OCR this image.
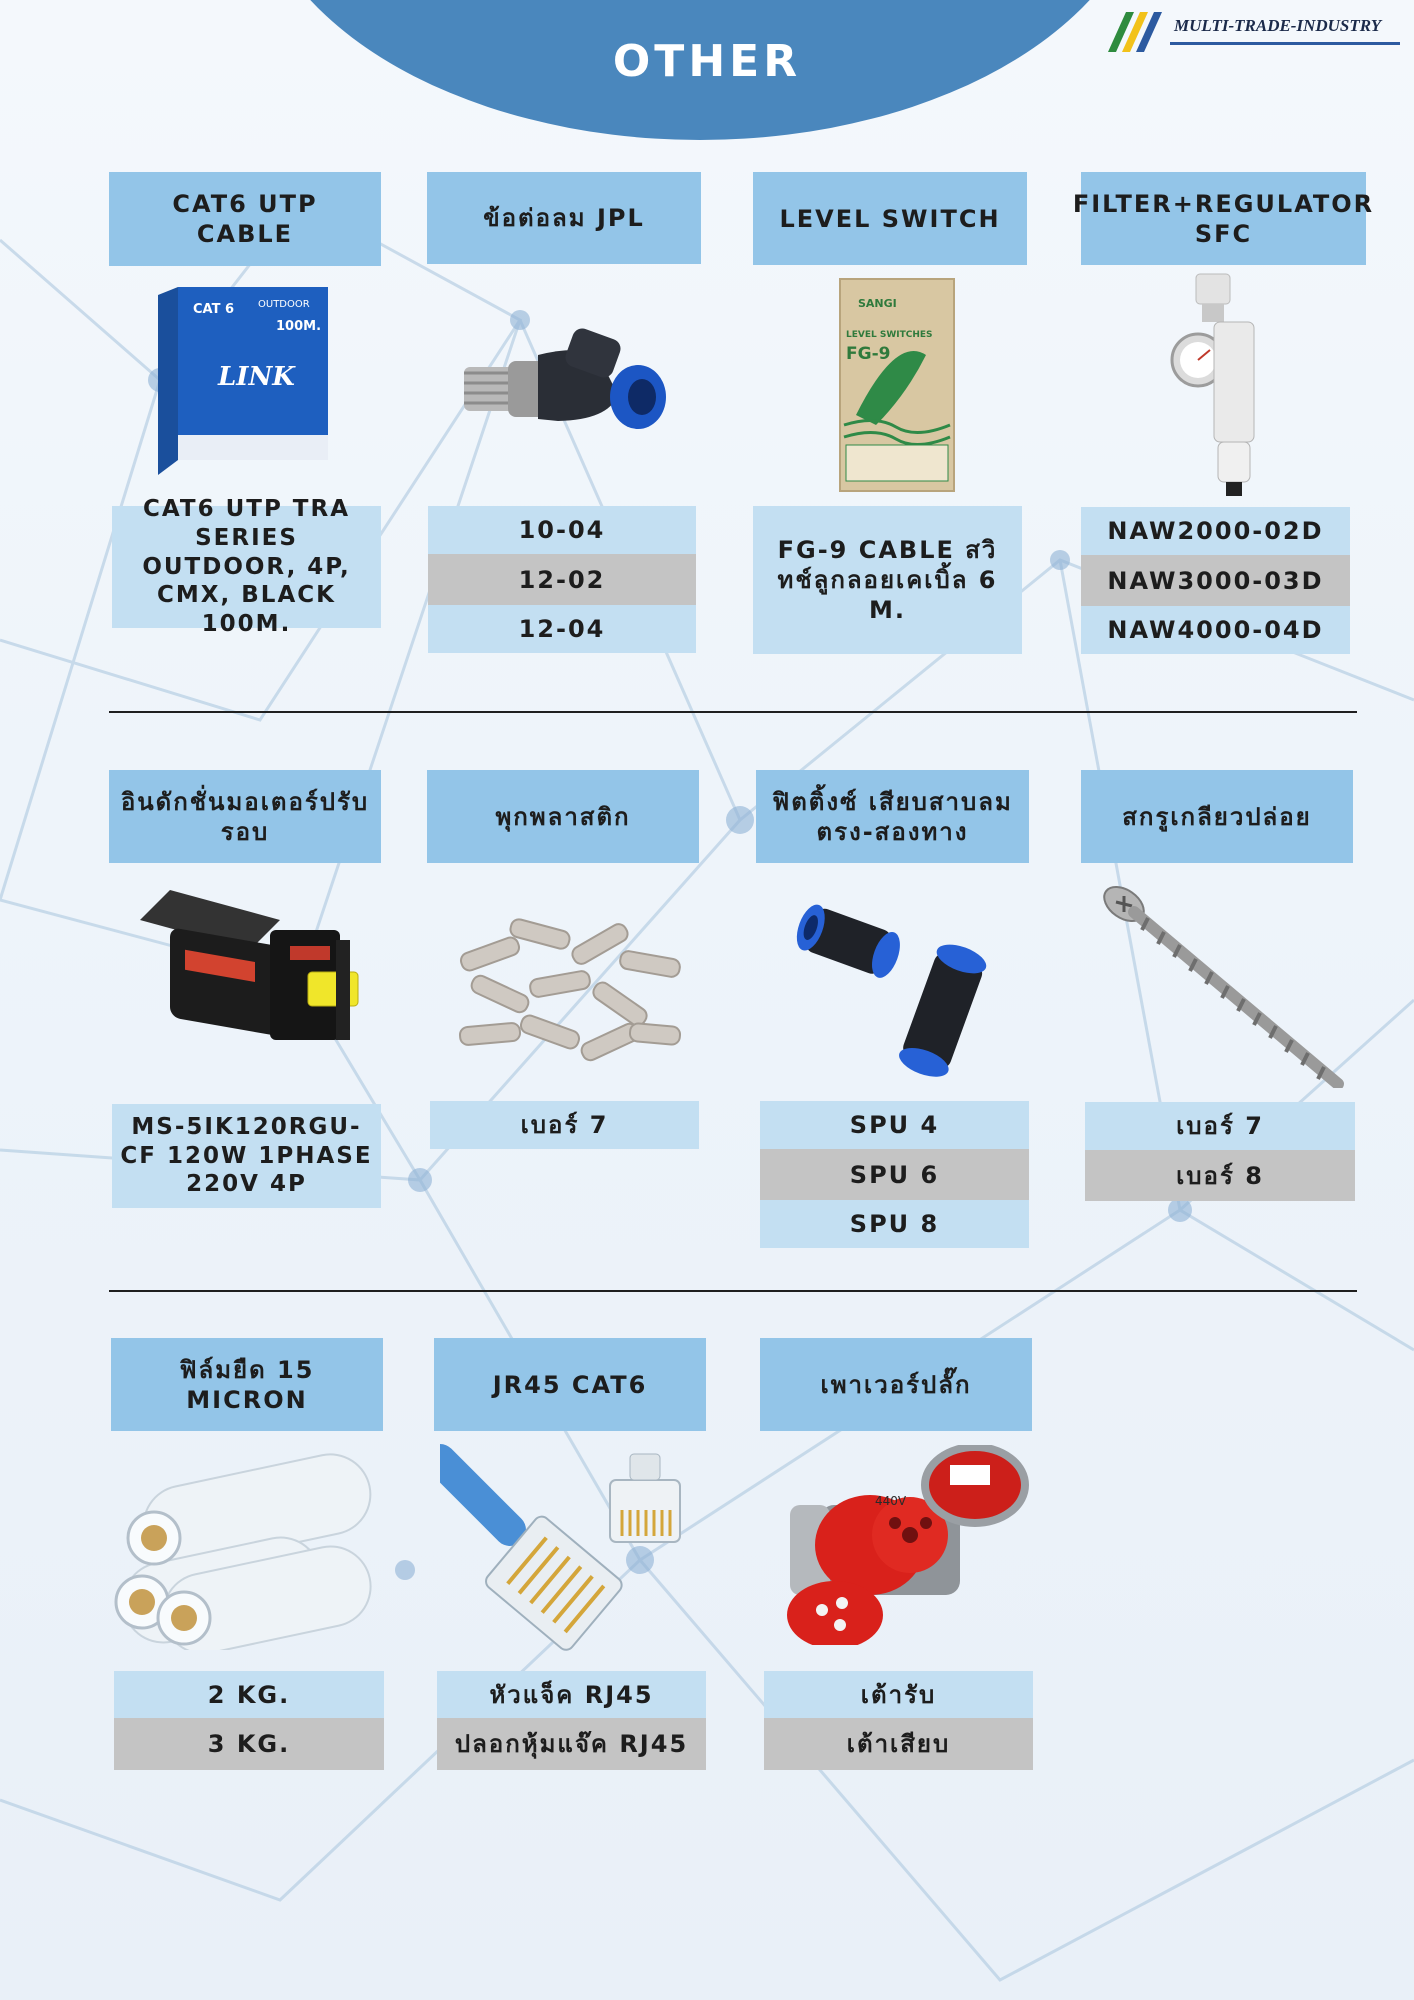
OTHER
MULTI-TRADE-INDUSTRY
CAT6 UTP CABLE
CAT 6
LINK
OUTDOOR
100M.
CAT6 UTP TRA SERIES OUTDOOR, 4P, CMX, BLACK 100M.
ข้อต่อลม JPL
10-04
12-02
12-04
LEVEL SWITCH
SANGI
LEVEL SWITCHES
FG-9
FG-9 CABLE สวิทช์ลูกลอยเคเบิ้ล 6 M.
FILTER+REGULATOR SFC
NAW2000-02D
NAW3000-03D
NAW4000-04D
อินดักชั่นมอเตอร์ปรับรอบ
MS-5IK120RGU-CF 120W 1PHASE 220V 4P
พุกพลาสติก
เบอร์ 7
ฟิตติ้งซ์ เสียบสาบลม ตรง-สองทาง
SPU 4
SPU 6
SPU 8
สกรูเกลียวปล่อย
เบอร์ 7
เบอร์ 8
ฟิล์มยืด 15 MICRON
2 KG.
3 KG.
JR45 CAT6
หัวแจ็ค RJ45
ปลอกหุ้มแจ๊ค RJ45
เพาเวอร์ปลั๊ก
440V
เต้ารับ
เต้าเสียบ
